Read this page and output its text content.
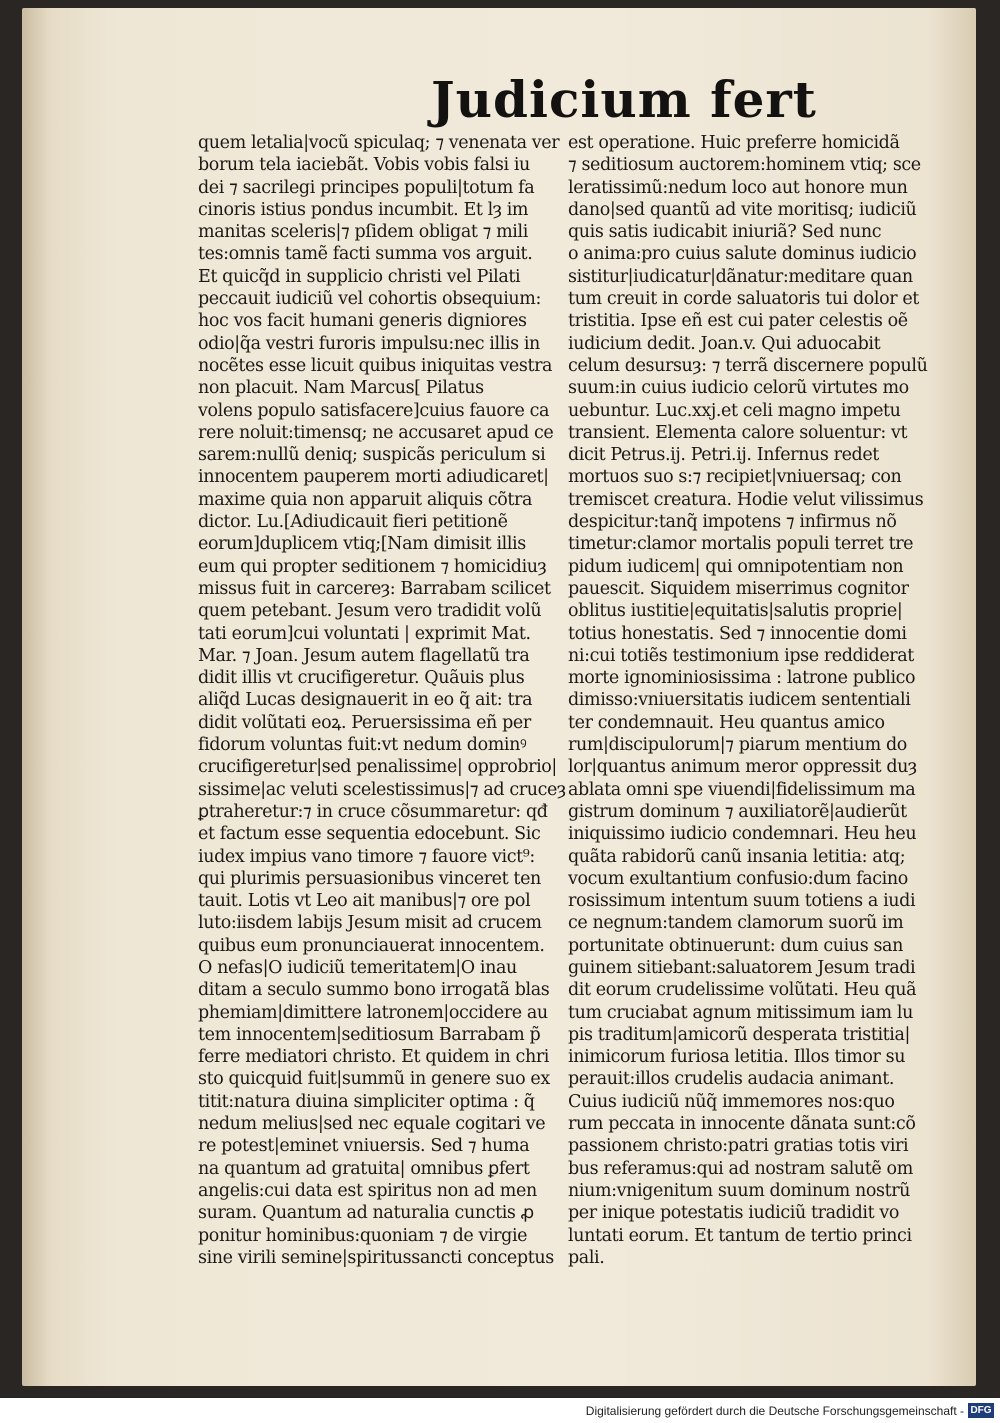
Judicium fert
quem letalia|vocũ spiculaq; ⁊ venenata ver
borum tela iaciebãt. Vobis vobis falsi iu
dei ⁊ sacrilegi principes populi|totum fa
cinoris istius pondus incumbit. Et lȝ im
manitas sceleris|⁊ pſidem obligat ⁊ mili
tes:omnis tamẽ facti summa vos arguit.
Et quicq̃d in supplicio christi vel Pilati
peccauit iudiciũ vel cohortis obsequium:
hoc vos facit humani generis digniores
odio|q̃a vestri furoris impulsu:nec illis in
nocẽtes esse licuit quibus iniquitas vestra
non placuit. Nam Marcus[ Pilatus
volens populo satisfacere]cuius fauore ca
rere noluit:timensq; ne accusaret apud ce
sarem:nullũ deniq; suspicãs periculum si
innocentem pauperem morti adiudicaret|
maxime quia non apparuit aliquis cõtra
dictor. Lu.[Adiudicauit fieri petitionẽ
eorum]duplicem vtiq;[Nam dimisit illis
eum qui propter seditionem ⁊ homicidiuȝ
missus fuit in carcereȝ: Barrabam scilicet
quem petebant. Jesum vero tradidit volũ
tati eorum]cui voluntati | exprimit Mat.
Mar. ⁊ Joan. Jesum autem flagellatũ tra
didit illis vt crucifigeretur. Quãuis plus
aliq̃d Lucas designauerit in eo q̃ ait: tra
didit volũtati eoꝝ. Peruersissima eñ per
fidorum voluntas fuit:vt nedum dominꝰ
crucifigeretur|sed penalissime| opprobrio|
sissime|ac veluti scelestissimus|⁊ ad cruceȝ
ꝑtraheretur:⁊ in cruce cõsummaretur: qđ
et factum esse sequentia edocebunt. Sic
iudex impius vano timore ⁊ fauore vict⁹:
qui plurimis persuasionibus vinceret ten
tauit. Lotis vt Leo ait manibus|⁊ ore pol
luto:iisdem labijs Jesum misit ad crucem
quibus eum pronunciauerat innocentem.
O nefas|O iudiciũ temeritatem|O inau
ditam a seculo summo bono irrogatã blas
phemiam|dimittere latronem|occidere au
tem innocentem|seditiosum Barrabam p̃
ferre mediatori christo. Et quidem in chri
sto quicquid fuit|summũ in genere suo ex
titit:natura diuina simpliciter optima : q̃
nedum melius|sed nec equale cogitari ve
re potest|eminet vniuersis. Sed ⁊ huma
na quantum ad gratuita| omnibus ꝑfert
angelis:cui data est spiritus non ad men
suram. Quantum ad naturalia cunctis ꝓ
ponitur hominibus:quoniam ⁊ de virgie
sine virili semine|spiritussancti conceptus
est operatione. Huic preferre homicidã
⁊ seditiosum auctorem:hominem vtiq; sce
leratissimũ:nedum loco aut honore mun
dano|sed quantũ ad vite moritisq; iudiciũ
quis satis iudicabit iniuriã? Sed nunc
o anima:pro cuius salute dominus iudicio
sistitur|iudicatur|dãnatur:meditare quan
tum creuit in corde saluatoris tui dolor et
tristitia. Ipse eñ est cui pater celestis oẽ
iudicium dedit. Joan.v. Qui aduocabit
celum desursuȝ: ⁊ terrã discernere populũ
suum:in cuius iudicio celorũ virtutes mo
uebuntur. Luc.xxj.et celi magno impetu
transient. Elementa calore soluentur: vt
dicit Petrus.ij. Petri.ij. Infernus redet
mortuos suo s:⁊ recipiet|vniuersaq; con
tremiscet creatura. Hodie velut vilissimus
despicitur:tanq̃ impotens ⁊ infirmus nõ
timetur:clamor mortalis populi terret tre
pidum iudicem| qui omnipotentiam non
pauescit. Siquidem miserrimus cognitor
oblitus iustitie|equitatis|salutis proprie|
totius honestatis. Sed ⁊ innocentie domi
ni:cui totiẽs testimonium ipse reddiderat
morte ignominiosissima : latrone publico
dimisso:vniuersitatis iudicem sententiali
ter condemnauit. Heu quantus amico
rum|discipulorum|⁊ piarum mentium do
lor|quantus animum meror oppressit duȝ
ablata omni spe viuendi|fidelissimum ma
gistrum dominum ⁊ auxiliatorẽ|audierũt
iniquissimo iudicio condemnari. Heu heu
quãta rabidorũ canũ insania letitia: atq;
vocum exultantium confusio:dum facino
rosissimum intentum suum totiens a iudi
ce negnum:tandem clamorum suorũ im
portunitate obtinuerunt: dum cuius san
guinem sitiebant:saluatorem Jesum tradi
dit eorum crudelissime volũtati. Heu quã
tum cruciabat agnum mitissimum iam lu
pis traditum|amicorũ desperata tristitia|
inimicorum furiosa letitia. Illos timor su
perauit:illos crudelis audacia animant.
Cuius iudiciũ nũq̃ immemores nos:quo
rum peccata in innocente dãnata sunt:cõ
passionem christo:patri gratias totis viri
bus referamus:qui ad nostram salutẽ om
nium:vnigenitum suum dominum nostrũ
per inique potestatis iudiciũ tradidit vo
luntati eorum. Et tantum de tertio princi
pali.
Digitalisierung gefördert durch die Deutsche Forschungsgemeinschaft - DFG
